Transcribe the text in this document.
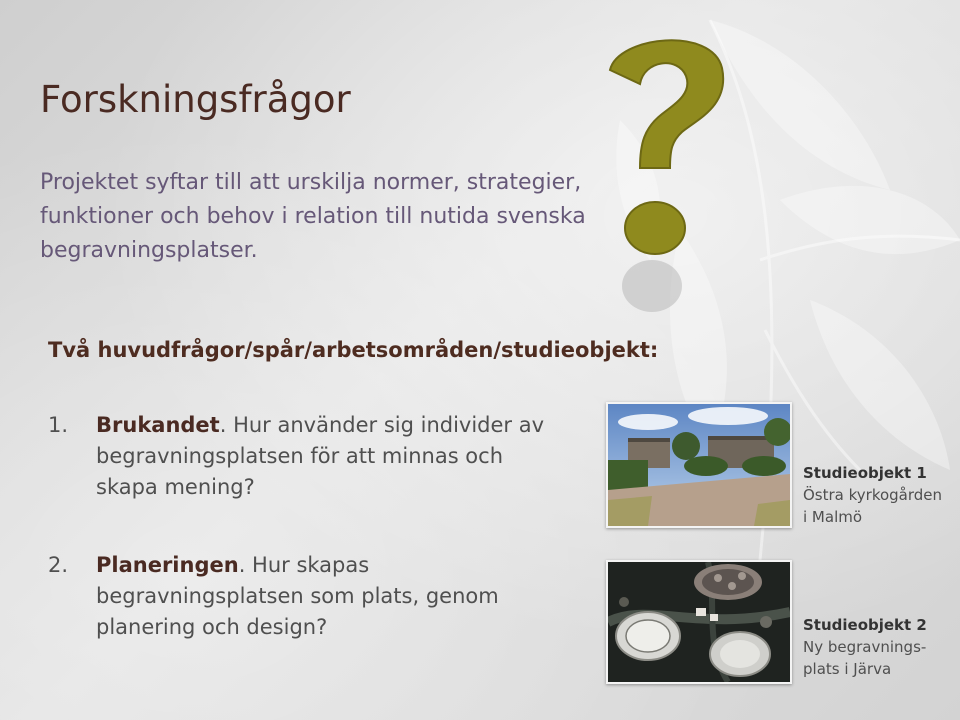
Forskningsfrågor

Projektet syftar till att urskilja normer, strategier, funktioner och behov i relation till nutida svenska begravningsplatser.

Två huvudfrågor/spår/arbetsområden/studieobjekt:

1. Brukandet. Hur använder sig individer av begravningsplatsen för att minnas och skapa mening?

Studieobjekt 1
Östra kyrkogården
i Malmö
2. Planeringen. Hur skapas begravningsplatsen som plats, genom planering och design?	Studieobjekt 2
Ny begravnings-
plats i Järva
